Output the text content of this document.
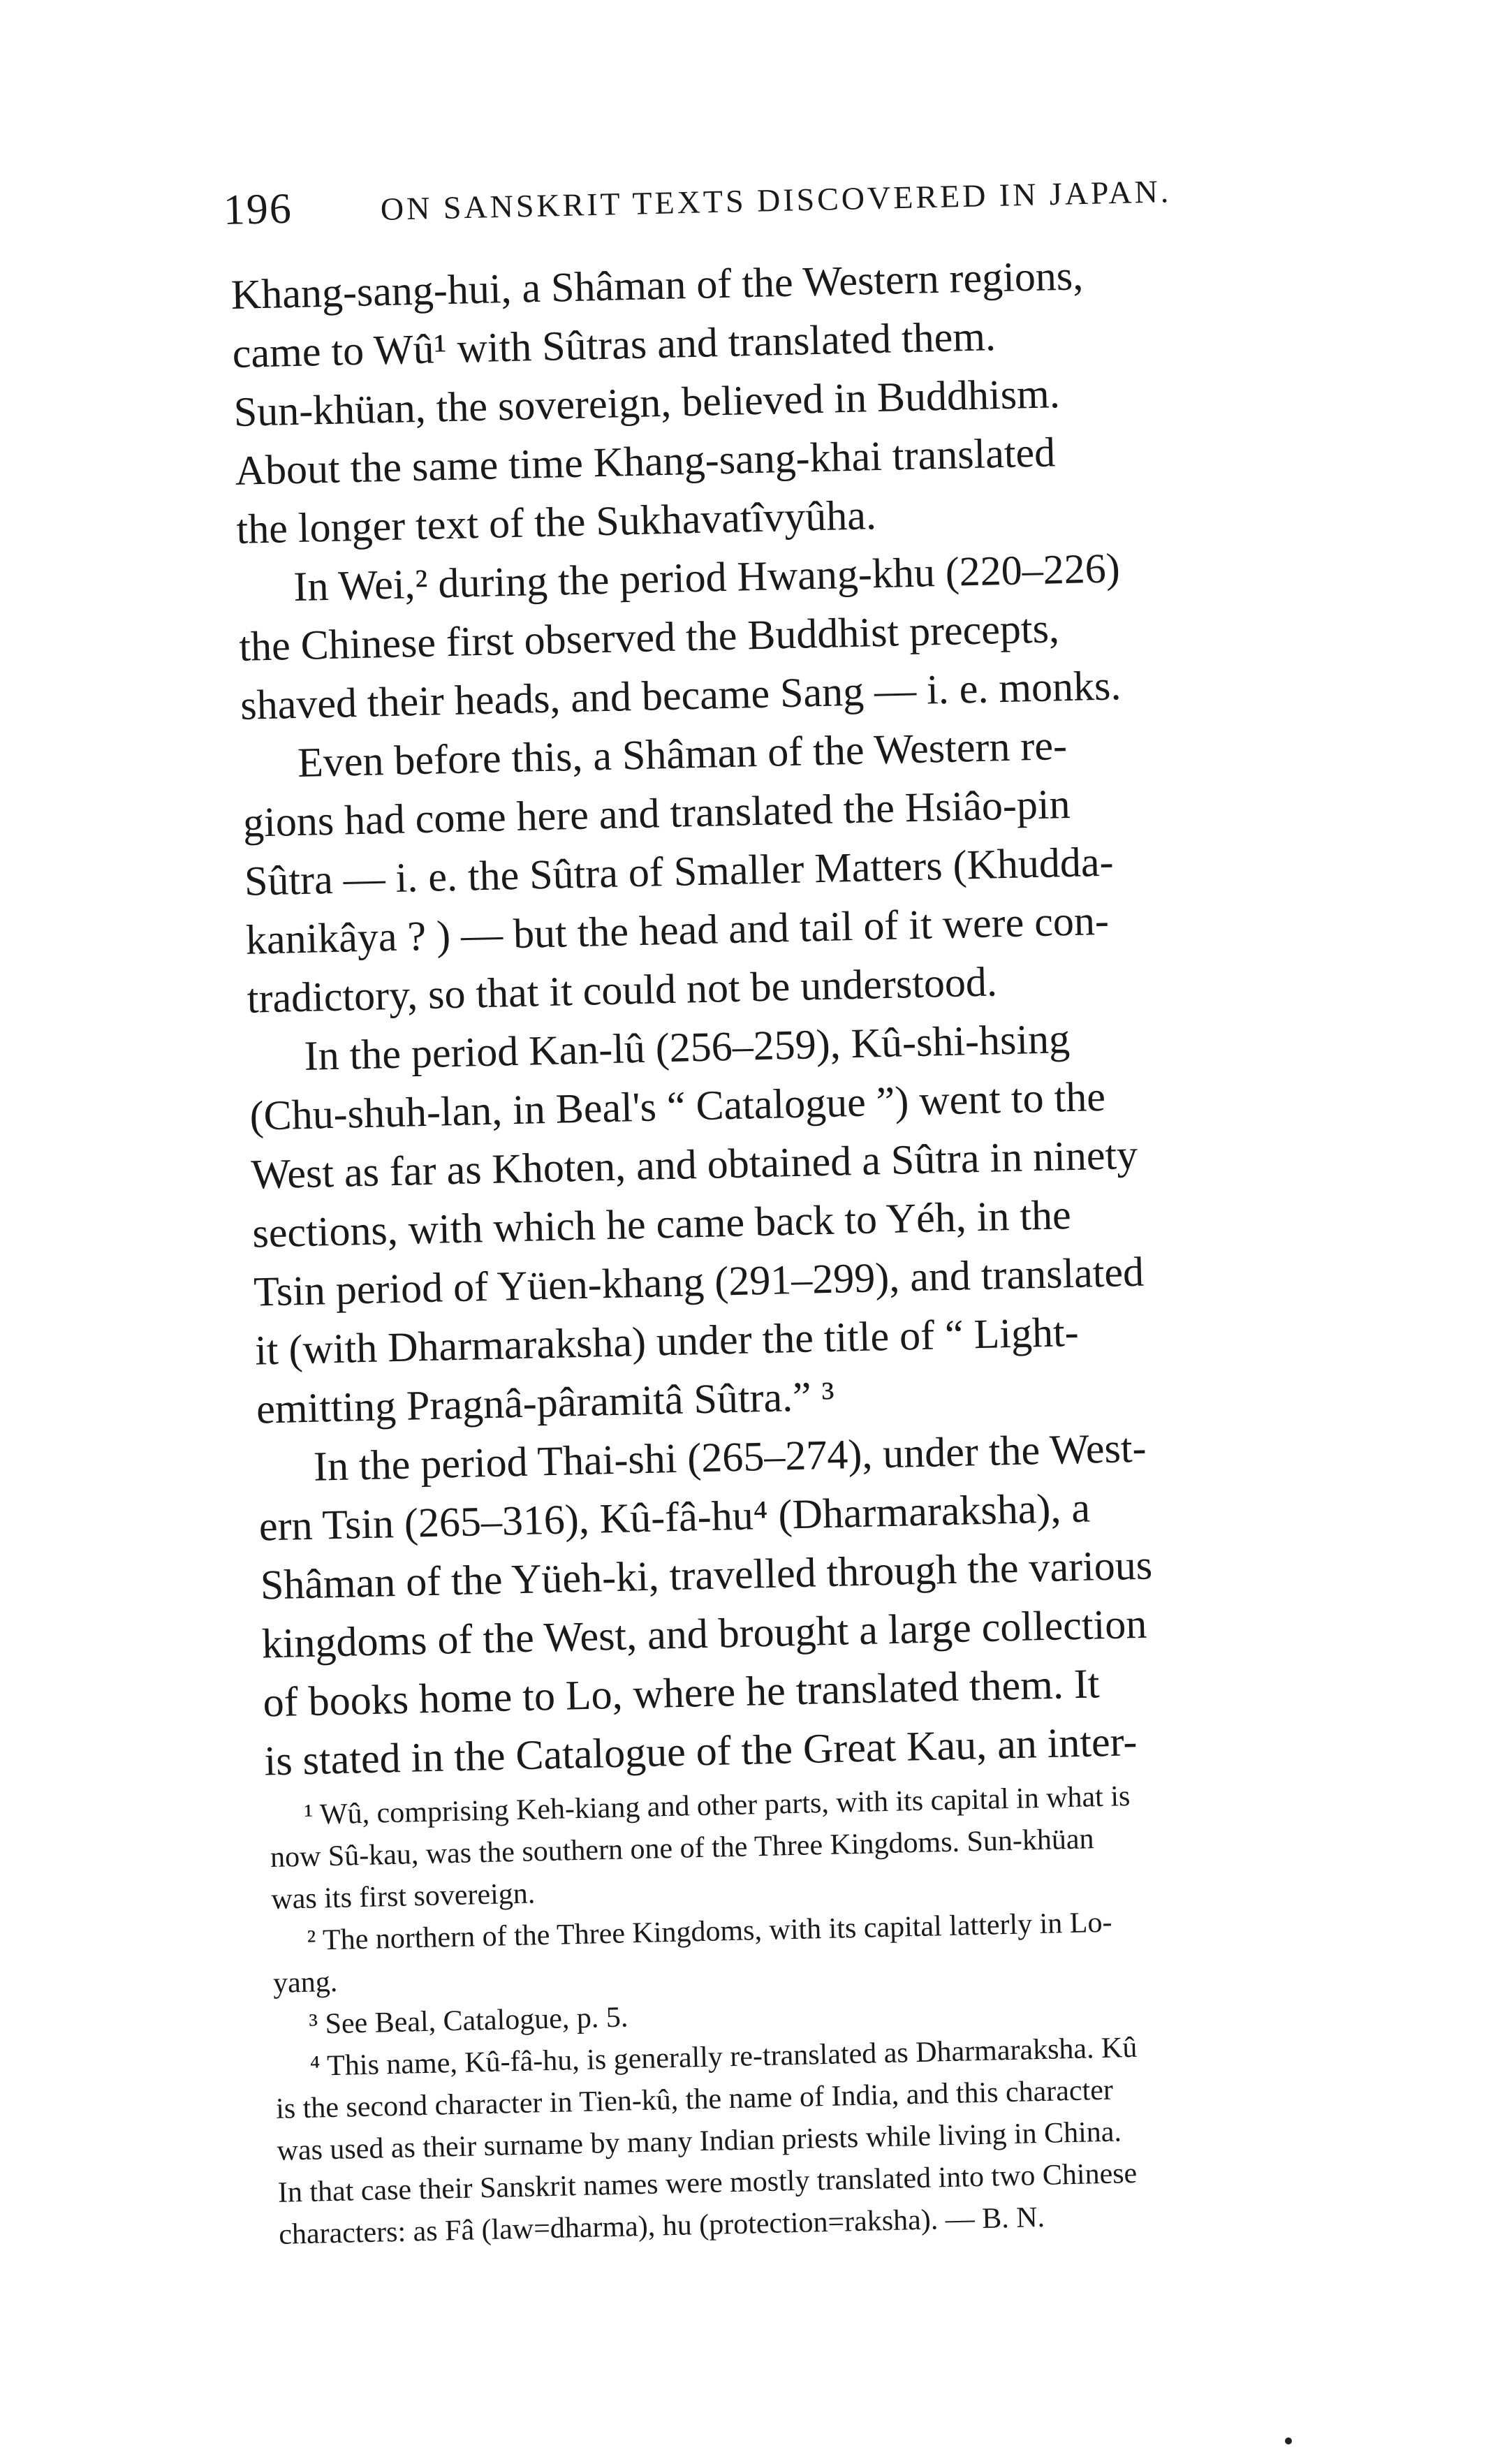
196	ON SANSKRIT TEXTS DISCOVERED IN JAPAN.
Khang-sang-hui, a Shâman of the Western regions,
came to Wû¹ with Sûtras and translated them.
Sun-khüan, the sovereign, believed in Buddhism.
About the same time Khang-sang-khai translated
the longer text of the Sukhavatîvyûha.
In Wei,² during the period Hwang-khu (220–226)
the Chinese first observed the Buddhist precepts,
shaved their heads, and became Sang — i. e. monks.
Even before this, a Shâman of the Western re-
gions had come here and translated the Hsiâo-pin
Sûtra — i. e. the Sûtra of Smaller Matters (Khudda-
kanikâya ? ) — but the head and tail of it were con-
tradictory, so that it could not be understood.
In the period Kan-lû (256–259), Kû-shi-hsing
(Chu-shuh-lan, in Beal's “ Catalogue ”) went to the
West as far as Khoten, and obtained a Sûtra in ninety
sections, with which he came back to Yéh, in the
Tsin period of Yüen-khang (291–299), and translated
it (with Dharmaraksha) under the title of “ Light-
emitting Pragnâ-pâramitâ Sûtra.” ³
In the period Thai-shi (265–274), under the West-
ern Tsin (265–316), Kû-fâ-hu⁴ (Dharmaraksha), a
Shâman of the Yüeh-ki, travelled through the various
kingdoms of the West, and brought a large collection
of books home to Lo, where he translated them. It
is stated in the Catalogue of the Great Kau, an inter-
¹ Wû, comprising Keh-kiang and other parts, with its capital in what is
now Sû-kau, was the southern one of the Three Kingdoms. Sun-khüan
was its first sovereign.
² The northern of the Three Kingdoms, with its capital latterly in Lo-
yang.
³ See Beal, Catalogue, p. 5.
⁴ This name, Kû-fâ-hu, is generally re-translated as Dharmaraksha. Kû
is the second character in Tien-kû, the name of India, and this character
was used as their surname by many Indian priests while living in China.
In that case their Sanskrit names were mostly translated into two Chinese
characters: as Fâ (law=dharma), hu (protection=raksha). — B. N.
